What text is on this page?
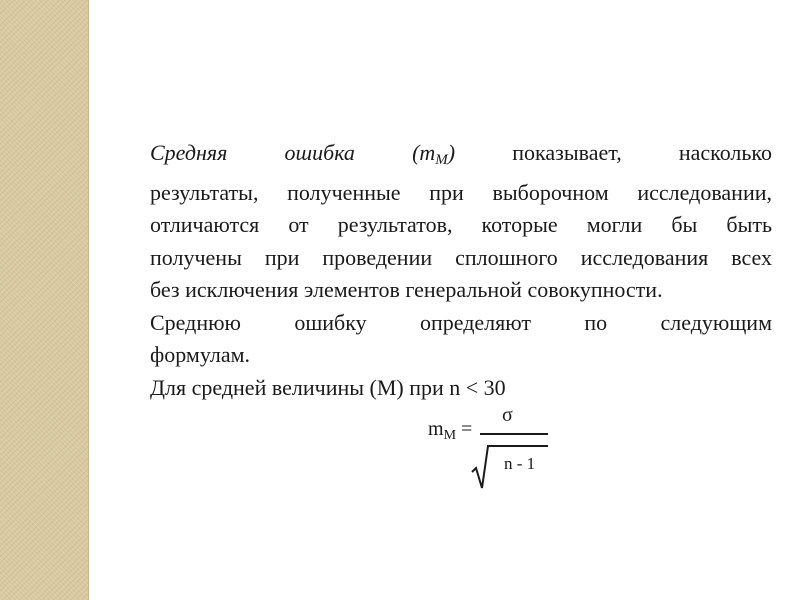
Средняя ошибка $(m_M)$	показывает, насколько
результаты, полученные при выборочном исследовании,
отличаются от результатов, которые могли бы быть
получены при проведении сплошного исследования всех
без исключения элементов генеральной совокупности.
Среднюю ошибку определяют по следующим
формулам.
Для средней величины (М) при n < 30
$m_M$ =
σ
n - 1
